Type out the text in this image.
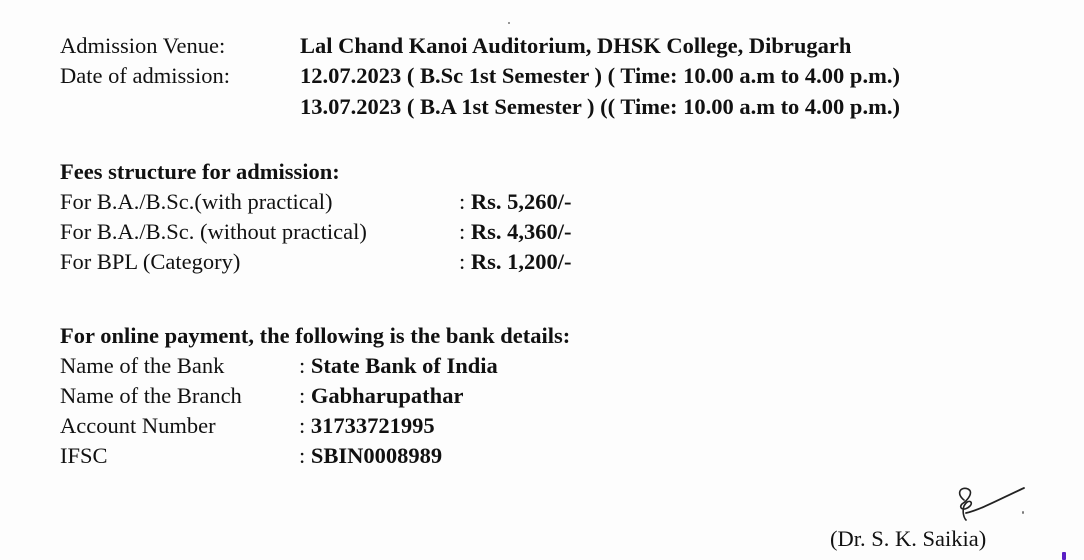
Admission Venue:	Lal Chand Kanoi Auditorium, DHSK College, Dibrugarh
Date of admission:	12.07.2023 ( B.Sc 1st Semester ) ( Time: 10.00 a.m to 4.00 p.m.)
13.07.2023 ( B.A 1st Semester ) (( Time: 10.00 a.m to 4.00 p.m.)
Fees structure for admission:
For B.A./B.Sc.(with practical)	: Rs. 5,260/-
For B.A./B.Sc. (without practical)	: Rs. 4,360/-
For BPL (Category)	: Rs. 1,200/-
For online payment, the following is the bank details:
Name of the Bank	: State Bank of India
Name of the Branch	: Gabharupathar
Account Number	: 31733721995
IFSC	: SBIN0008989
(Dr. S. K. Saikia)
